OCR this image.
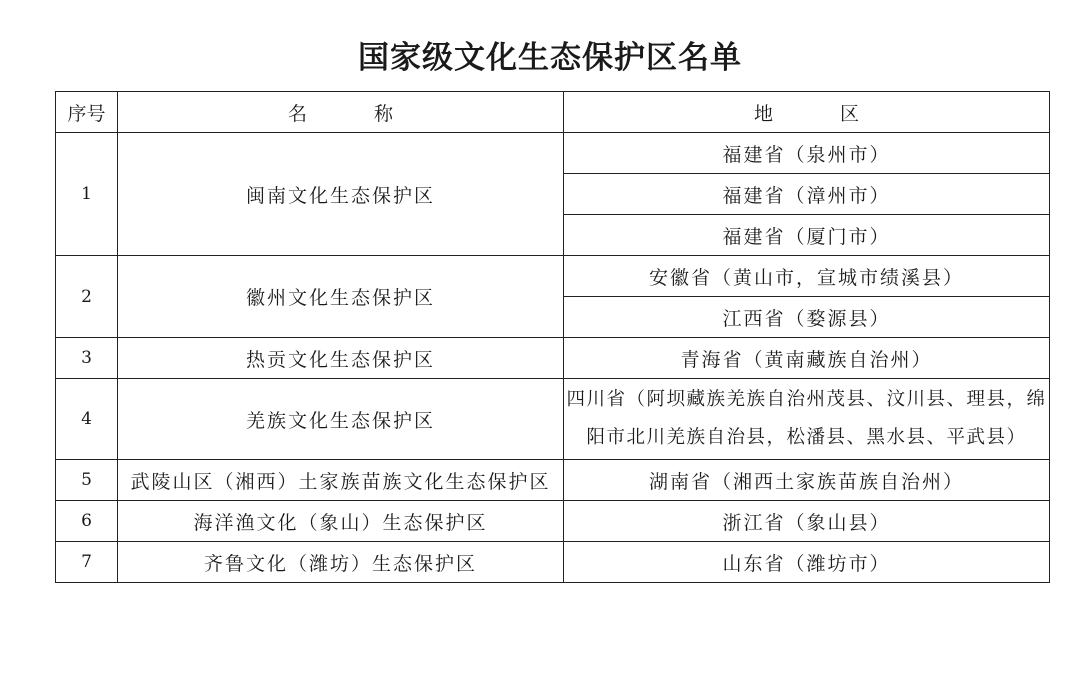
国家级文化生态保护区名单
序号	名　称	地　区
1	闽南文化生态保护区	福建省（泉州市）
		福建省（漳州市）
		福建省（厦门市）
2	徽州文化生态保护区	安徽省（黄山市，宣城市绩溪县）
		江西省（婺源县）
3	热贡文化生态保护区	青海省（黄南藏族自治州）
4	羌族文化生态保护区	四川省（阿坝藏族羌族自治州茂县、汶川县、理县，绵阳市北川羌族自治县，松潘县、黑水县、平武县）
5	武陵山区（湘西）土家族苗族文化生态保护区	湖南省（湘西土家族苗族自治州）
6	海洋渔文化（象山）生态保护区	浙江省（象山县）
7	齐鲁文化（潍坊）生态保护区	山东省（潍坊市）
